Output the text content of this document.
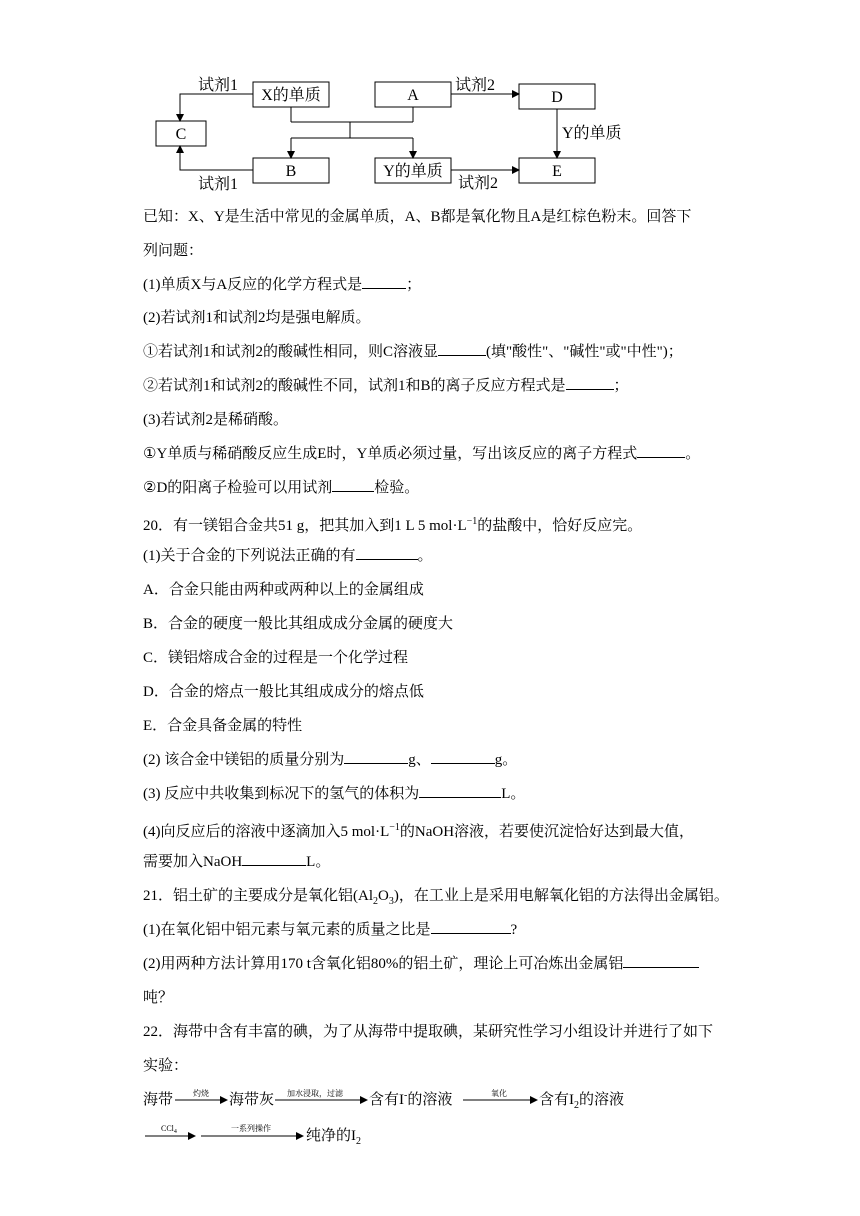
X的单质	A	D
C
B	Y的单质	E
试剂1	试剂2
试剂1	试剂2
Y的单质
已知：X、Y是生活中常见的金属单质，A、B都是氧化物且A是红棕色粉末。回答下
列问题：
(1)单质X与A反应的化学方程式是	；
(2)若试剂1和试剂2均是强电解质。
①若试剂1和试剂2的酸碱性相同，则C溶液显	(填"酸性"、"碱性"或"中性")；
②若试剂1和试剂2的酸碱性不同，试剂1和B的离子反应方程式是	；
(3)若试剂2是稀硝酸。
①Y单质与稀硝酸反应生成E时，Y单质必须过量，写出该反应的离子方程式	。
②D的阳离子检验可以用试剂	检验。
20．有一镁铝合金共51 g，把其加入到1 L 5 $mol\cdot L^{-1}$的盐酸中，恰好反应完。
(1)关于合金的下列说法正确的有	。
A．合金只能由两种或两种以上的金属组成
B．合金的硬度一般比其组成成分金属的硬度大
C．镁铝熔成合金的过程是一个化学过程
D．合金的熔点一般比其组成成分的熔点低
E．合金具备金属的特性
(2) 该合金中镁铝的质量分别为	g、	g。
(3) 反应中共收集到标况下的氢气的体积为	L。
(4)向反应后的溶液中逐滴加入5 $mol\cdot L^{-1}$的NaOH溶液，若要使沉淀恰好达到最大值，
需要加入NaOH	L。
21．铝土矿的主要成分是氧化铝$(Al_2O_3)$，在工业上是采用电解氧化铝的方法得出金属铝。
(1)在氧化铝中铝元素与氧元素的质量之比是	?
(2)用两种方法计算用170 t含氧化铝80%的铝土矿，理论上可冶炼出金属铝
吨？
22．海带中含有丰富的碘，为了从海带中提取碘，某研究性学习小组设计并进行了如下
实验：
海带	海带灰	含有I-的溶液	含有$I_2$的溶液
灼烧	加水浸取，过滤	氧化
CCl$_4$	一系列操作 纯净的$I_2$
